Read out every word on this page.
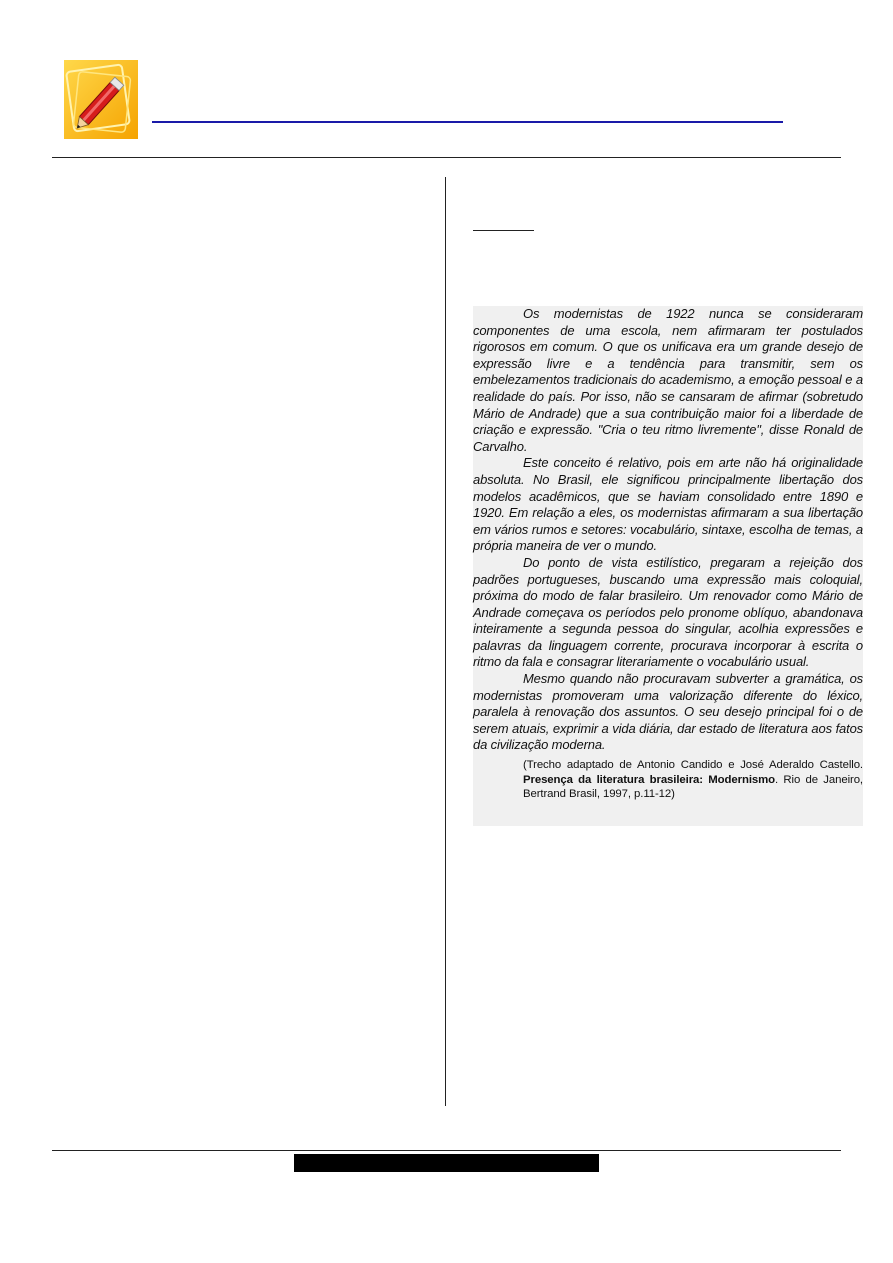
Os modernistas de 1922 nunca se consideraram componentes de uma escola, nem afirmaram ter postulados rigorosos em comum. O que os unificava era um grande desejo de expressão livre e a tendência para transmitir, sem os embelezamentos tradicionais do academismo, a emoção pessoal e a realidade do país. Por isso, não se cansaram de afirmar (sobretudo Mário de Andrade) que a sua contribuição maior foi a liberdade de criação e expressão. "Cria o teu ritmo livremente", disse Ronald de Carvalho.

Este conceito é relativo, pois em arte não há originalidade absoluta. No Brasil, ele significou principalmente libertação dos modelos acadêmicos, que se haviam consolidado entre 1890 e 1920. Em relação a eles, os modernistas afirmaram a sua libertação em vários rumos e setores: vocabulário, sintaxe, escolha de temas, a própria maneira de ver o mundo.

Do ponto de vista estilístico, pregaram a rejeição dos padrões portugueses, buscando uma expressão mais coloquial, próxima do modo de falar brasileiro. Um renovador como Mário de Andrade começava os períodos pelo pronome oblíquo, abandonava inteiramente a segunda pessoa do singular, acolhia expressões e palavras da linguagem corrente, procurava incorporar à escrita o ritmo da fala e consagrar literariamente o vocabulário usual.

Mesmo quando não procuravam subverter a gramática, os modernistas promoveram uma valorização diferente do léxico, paralela à renovação dos assuntos. O seu desejo principal foi o de serem atuais, exprimir a vida diária, dar estado de literatura aos fatos da civilização moderna.

(Trecho adaptado de Antonio Candido e José Aderaldo Castello. Presença da literatura brasileira: Modernismo. Rio de Janeiro, Bertrand Brasil, 1997, p.11-12)
